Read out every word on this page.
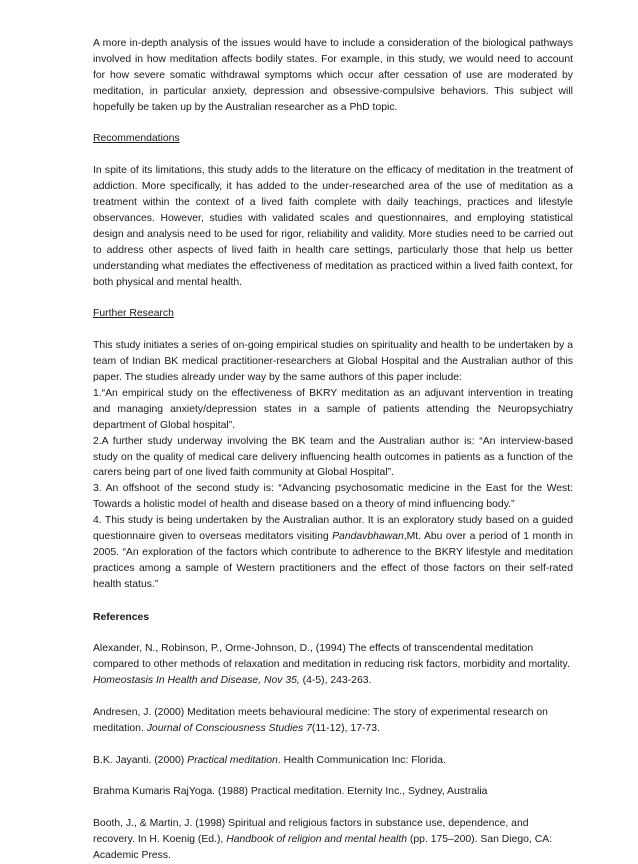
A more in-depth analysis of the issues would have to include a consideration of the biological pathways involved in how meditation affects bodily states. For example, in this study, we would need to account for how severe somatic withdrawal symptoms which occur after cessation of use are moderated by meditation, in particular anxiety, depression and obsessive-compulsive behaviors. This subject will hopefully be taken up by the Australian researcher as a PhD topic.

Recommendations

In spite of its limitations, this study adds to the literature on the efficacy of meditation in the treatment of addiction. More specifically, it has added to the under-researched area of the use of meditation as a treatment within the context of a lived faith complete with daily teachings, practices and lifestyle observances. However, studies with validated scales and questionnaires, and employing statistical design and analysis need to be used for rigor, reliability and validity. More studies need to be carried out to address other aspects of lived faith in health care settings, particularly those that help us better understanding what mediates the effectiveness of meditation as practiced within a lived faith context, for both physical and mental health.

Further Research

This study initiates a series of on-going empirical studies on spirituality and health to be undertaken by a team of Indian BK medical practitioner-researchers at Global Hospital and the Australian author of this paper. The studies already under way by the same authors of this paper include:

1.“An empirical study on the effectiveness of BKRY meditation as an adjuvant intervention in treating and managing anxiety/depression states in a sample of patients attending the Neuropsychiatry department of Global hospital”.

2.A further study underway involving the BK team and the Australian author is: “An interview-based study on the quality of medical care delivery influencing health outcomes in patients as a function of the carers being part of one lived faith community at Global Hospital”.

3. An offshoot of the second study is: “Advancing psychosomatic medicine in the East for the West: Towards a holistic model of health and disease based on a theory of mind influencing body.”

4. This study is being undertaken by the Australian author. It is an exploratory study based on a guided questionnaire given to overseas meditators visiting Pandavbhawan,Mt. Abu over a period of 1 month in 2005. “An exploration of the factors which contribute to adherence to the BKRY lifestyle and meditation practices among a sample of Western practitioners and the effect of those factors on their self-rated health status.”

References

Alexander, N., Robinson, P., Orme-Johnson, D., (1994) The effects of transcendental meditation compared to other methods of relaxation and meditation in reducing risk factors, morbidity and mortality. Homeostasis In Health and Disease, Nov 35, (4-5), 243-263.

Andresen, J. (2000) Meditation meets behavioural medicine: The story of experimental research on meditation. Journal of Consciousness Studies 7(11-12), 17-73.

B.K. Jayanti. (2000) Practical meditation. Health Communication Inc: Florida.

Brahma Kumaris RajYoga. (1988) Practical meditation. Eternity Inc., Sydney, Australia

Booth, J., & Martin, J. (1998) Spiritual and religious factors in substance use, dependence, and recovery. In H. Koenig (Ed.), Handbook of religion and mental health (pp. 175–200). San Diego, CA: Academic Press.
